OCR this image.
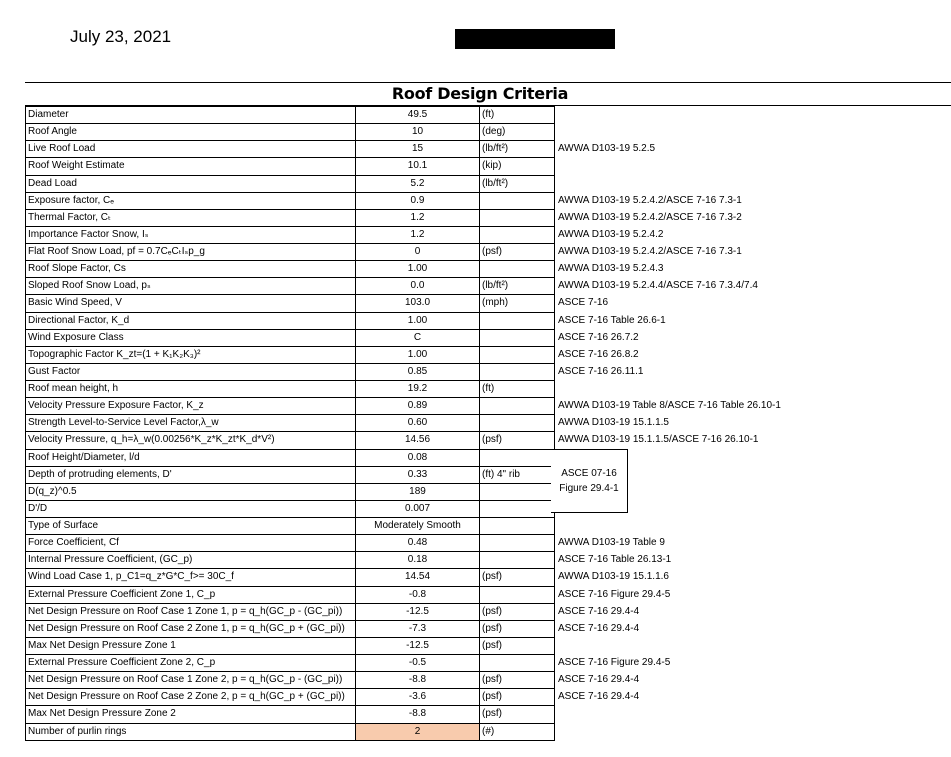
July 23, 2021
Roof Design Criteria
Diameter	49.5	(ft)	
Roof Angle	10	(deg)	
Live Roof Load	15	(lb/ft²)	AWWA D103-19 5.2.5
Roof Weight Estimate	10.1	(kip)	
Dead Load	5.2	(lb/ft²)	
Exposure factor, Cₑ	0.9		AWWA D103-19 5.2.4.2/ASCE 7-16 7.3-1
Thermal Factor, Cₜ	1.2		AWWA D103-19 5.2.4.2/ASCE 7-16 7.3-2
Importance Factor Snow, Iₛ	1.2		AWWA D103-19 5.2.4.2
Flat Roof Snow Load, pf = 0.7CₑCₜIₛp_g	0	(psf)	AWWA D103-19 5.2.4.2/ASCE 7-16 7.3-1
Roof Slope Factor, Cs	1.00		AWWA D103-19 5.2.4.3
Sloped Roof Snow Load, pₛ	0.0	(lb/ft²)	AWWA D103-19 5.2.4.4/ASCE 7-16 7.3.4/7.4
Basic Wind Speed, V	103.0	(mph)	ASCE 7-16
Directional Factor, K_d	1.00		ASCE 7-16 Table 26.6-1
Wind Exposure Class	C		ASCE 7-16 26.7.2
Topographic Factor K_zt=(1 + K₁K₂K₃)²	1.00		ASCE 7-16 26.8.2
Gust Factor	0.85		ASCE 7-16 26.11.1
Roof mean height, h	19.2	(ft)	
Velocity Pressure Exposure Factor, K_z	0.89		AWWA D103-19 Table 8/ASCE 7-16 Table 26.10-1
Strength Level-to-Service Level Factor,λ_w	0.60		AWWA D103-19 15.1.1.5
Velocity Pressure, q_h=λ_w(0.00256*K_z*K_zt*K_d*V²)	14.56	(psf)	AWWA D103-19 15.1.1.5/ASCE 7-16 26.10-1
Roof Height/Diameter, l/d	0.08		
Depth of protruding elements, D'	0.33	(ft) 4" rib	
D(q_z)^0.5	189		
D'/D	0.007		
Type of Surface	Moderately Smooth		
Force Coefficient, Cf	0.48		AWWA D103-19 Table 9
Internal Pressure Coefficient, (GC_p)	0.18		ASCE 7-16 Table 26.13-1
Wind Load Case 1, p_C1=q_z*G*C_f>= 30C_f	14.54	(psf)	AWWA D103-19 15.1.1.6
External Pressure Coefficient Zone 1, C_p	-0.8		ASCE 7-16 Figure 29.4-5
Net Design Pressure on Roof Case 1 Zone 1, p = q_h(GC_p - (GC_pi))	-12.5	(psf)	ASCE 7-16 29.4-4
Net Design Pressure on Roof Case 2 Zone 1, p = q_h(GC_p + (GC_pi))	-7.3	(psf)	ASCE 7-16 29.4-4
Max Net Design Pressure Zone 1	-12.5	(psf)	
External Pressure Coefficient Zone 2, C_p	-0.5		ASCE 7-16 Figure 29.4-5
Net Design Pressure on Roof Case 1 Zone 2, p = q_h(GC_p - (GC_pi))	-8.8	(psf)	ASCE 7-16 29.4-4
Net Design Pressure on Roof Case 2 Zone 2, p = q_h(GC_p + (GC_pi))	-3.6	(psf)	ASCE 7-16 29.4-4
Max Net Design Pressure Zone 2	-8.8	(psf)	
Number of purlin rings	2	(#)	
ASCE 07-16
Figure 29.4-1
